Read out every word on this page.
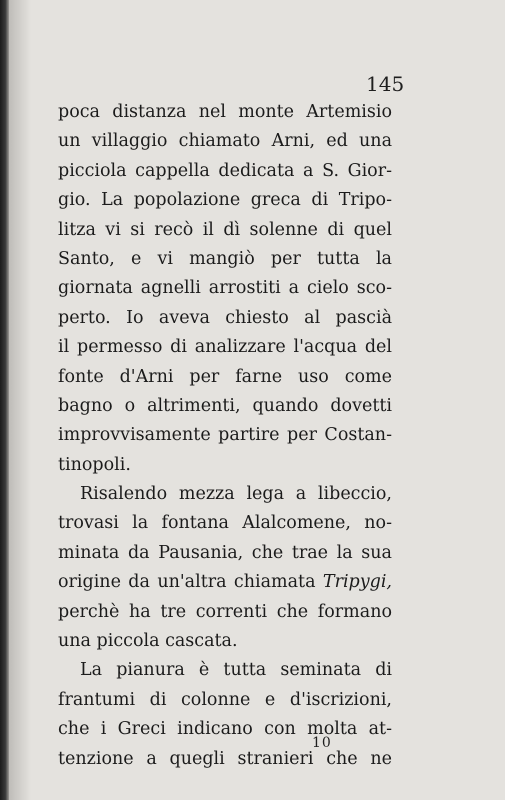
145
poca distanza nel monte Artemisio
un villaggio chiamato Arni, ed una
picciola cappella dedicata a S. Gior-
gio. La popolazione greca di Tripo-
litza vi si recò il dì solenne di quel
Santo, e vi mangiò per tutta la
giornata agnelli arrostiti a cielo sco-
perto. Io aveva chiesto al pascià
il permesso di analizzare l'acqua del
fonte d'Arni per farne uso come
bagno o altrimenti, quando dovetti
improvvisamente partire per Costan-
tinopoli.
Risalendo mezza lega a libeccio,
trovasi la fontana Alalcomene, no-
minata da Pausania, che trae la sua
origine da un'altra chiamata Tripygi,
perchè ha tre correnti che formano
una piccola cascata.
La pianura è tutta seminata di
frantumi di colonne e d'iscrizioni,
che i Greci indicano con molta at-
tenzione a quegli stranieri che ne
10
